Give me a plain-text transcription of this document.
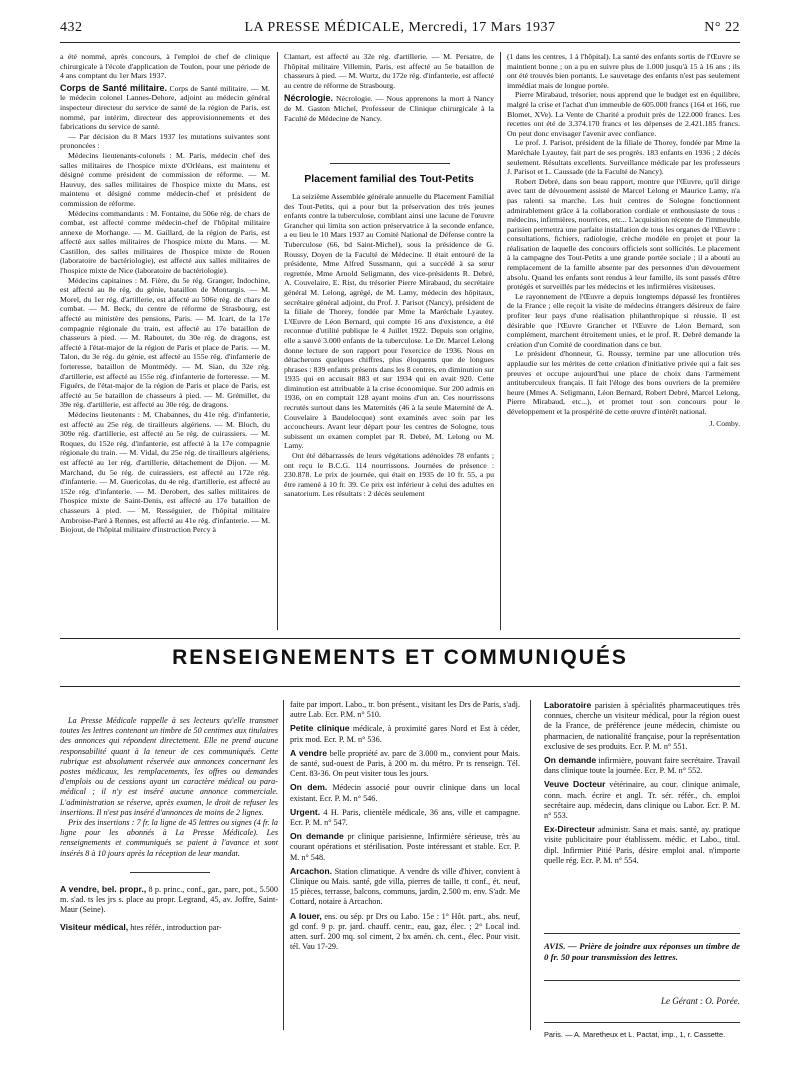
432	LA PRESSE MÉDICALE, Mercredi, 17 Mars 1937	N° 22

a été nommé, après concours, à l'emploi de chef de clinique chirurgicale à l'école d'application de Toulon, pour une période de 4 ans comptant du 1er Mars 1937.

Corps de Santé militaire. Corps de Santé militaire. — M. le médecin colonel Lannes-Dehore, adjoint au médecin général inspecteur directeur du service de santé de la région de Paris, est nommé, par intérim, directeur des approvisionnements et des fabrications du service de santé.

— Par décision du 8 Mars 1937 les mutations suivantes sont prononcées :

Médecins lieutenants-colonels : M. Paris, médecin chef des salles militaires de l'hospice mixte d'Orléans, est maintenu et désigné comme président de commission de réforme. — M. Hauvuy, des salles militaires de l'hospice mixte du Mans, est maintenu et désigné comme médecin-chef et président de commission de réforme.

Médecins commandants : M. Fontaine, du 506e rég. de chars de combat, est affecté comme médecin-chef de l'hôpital militaire annexe de Morhange. — M. Gaillard, de la région de Paris, est affecté aux salles militaires de l'hospice mixte du Mans. — M. Castillon, des salles militaires de l'hospice mixte de Rouen (laboratoire de bactériologie), est affecté aux salles militaires de l'hospice mixte de Nice (laboratoire de bactériologie).

Médecins capitaines : M. Fière, du 5e rég. Granger, Indochine, est affecté au 8e rég. du génie, bataillon de Montargis. — M. Morel, du 1er rég. d'artillerie, est affecté au 506e rég. de chars de combat. — M. Beck, du centre de réforme de Strasbourg, est affecté au ministère des pensions, Paris. — M. Icart, de la 17e compagnie régionale du train, est affecté au 17e bataillon de chasseurs à pied. — M. Raboutet, du 30e rég. de dragons, est affecté à l'état-major de la région de Paris et place de Paris. — M. Talon, du 3e rég. du génie, est affecté au 155e rég. d'infanterie de forteresse, bataillon de Montmédy. — M. Sian, du 32e rég. d'artillerie, est affecté au 155e rég. d'infanterie de forteresse. — M. Figuérs, de l'état-major de la région de Paris et place de Paris, est affecté au 5e bataillon de chasseurs à pied. — M. Grémillet, du 39e rég. d'artillerie, est affecté au 30e rég. de dragons.

Médecins lieutenants : M. Chabannes, du 41e rég. d'infanterie, est affecté au 25e rég. de tirailleurs algériens. — M. Bloch, du 309e rég. d'artillerie, est affecté au 5e rég. de cuirassiers. — M. Roques, du 152e rég. d'infanterie, est affecté à la 17e compagnie régionale du train. — M. Vidal, du 25e rég. de tirailleurs algériens, est affecté au 1er rég. d'artillerie, détachement de Dijon. — M. Marchand, du 5e rég. de cuirassiers, est affecté au 172e rég. d'infanterie. — M. Guericolas, du 4e rég. d'artillerie, est affecté au 152e rég. d'infanterie. — M. Derobert, des salles militaires de l'hospice mixte de Saint-Denis, est affecté au 17e bataillon de chasseurs à pied. — M. Rességuier, de l'hôpital militaire Ambroise-Paré à Rennes, est affecté au 41e rég. d'infanterie. — M. Biojout, de l'hôpital militaire d'instruction Percy à

Clamart, est affecté au 32e rég. d'artillerie. — M. Persatre, de l'hôpital militaire Villemin, Paris, est affecté au 5e bataillon de chasseurs à pied. — M. Wurtz, du 172e rég. d'infanterie, est affecté au centre de réforme de Strasbourg.

Nécrologie. Nécrologie. — Nous apprenons la mort à Nancy de M. Gaston Michel, Professeur de Clinique chirurgicale à la Faculté de Médecine de Nancy.

Placement familial des Tout-Petits

La seizième Assemblée générale annuelle du Placement Familial des Tout-Petits, qui a pour but la préservation des très jeunes enfants contre la tuberculose, comblant ainsi une lacune de l'œuvre Grancher qui limita son action préservatrice à la seconde enfance, a eu lieu le 10 Mars 1937 au Comité National de Défense contre la Tuberculose (66, bd Saint-Michel), sous la présidence de G. Roussy, Doyen de la Faculté de Médecine. Il était entouré de la présidente, Mme Alfred Sussmann, qui a succédé à sa sœur regrettée, Mme Arnold Seligmann, des vice-présidents R. Debré, A. Couvelaire, E. Rist, du trésorier Pierre Mirabaud, du secrétaire général M. Lelong, agrégé, de M. Lamy, médecin des hôpitaux, secrétaire général adjoint, du Prof. J. Parisot (Nancy), président de la filiale de Thorey, fondée par Mme la Maréchale Lyautey. L'Œuvre de Léon Bernard, qui compte 16 ans d'existence, a été reconnue d'utilité publique le 4 Juillet 1922. Depuis son origine, elle a sauvé 3.000 enfants de la tuberculose. Le Dr. Marcel Lelong donne lecture de son rapport pour l'exercice de 1936. Nous en détacherons quelques chiffres, plus éloquents que de longues phrases : 839 enfants présents dans les 8 centres, en diminution sur 1935 qui en accusait 883 et sur 1934 qui en avait 920. Cette diminution est attribuable à la crise économique. Sur 200 admis en 1936, on en comptait 128 ayant moins d'un an. Ces nourrissons recrutés surtout dans les Maternités (46 à la seule Maternité de A. Couvelaire à Baudelocque) sont examinés avec soin par les accoucheurs. Avant leur départ pour les centres de Sologne, tous subissent un examen complet par R. Debré, M. Lelong ou M. Lamy.

Ont été débarrassés de leurs végétations adénoïdes 78 enfants ; ont reçu le B.C.G. 114 nourrissons. Journées de présence : 230.878. Le prix de journée, qui était en 1935 de 10 fr. 55, a pu être ramené à 10 fr. 39. Ce prix est inférieur à celui des adultes en sanatorium. Les résultats : 2 décès seulement

(1 dans les centres, 1 à l'hôpital). La santé des enfants sortis de l'Œuvre se maintient bonne ; on a pu en suivre plus de 1.000 jusqu'à 15 à 16 ans ; ils ont été trouvés bien portants. Le sauvetage des enfants n'est pas seulement immédiat mais de longue portée.

Pierre Mirabaud, trésorier, nous apprend que le budget est en équilibre, malgré la crise et l'achat d'un immeuble de 605.000 francs (164 et 166, rue Blomet, XVe). La Vente de Charité a produit près de 122.000 francs. Les recettes ont été de 3.374.170 francs et les dépenses de 2.421.185 francs. On peut donc envisager l'avenir avec confiance.

Le prof. J. Parisot, président de la filiale de Thorey, fondée par Mme la Maréchale Lyautey, fait part de ses progrès. 183 enfants en 1936 ; 2 décès seulement. Résultats excellents. Surveillance médicale par les professeurs J. Parisot et L. Caussade (de la Faculté de Nancy).

Robert Debré, dans son beau rapport, montre que l'Œuvre, qu'il dirige avec tant de dévouement assisté de Marcel Lelong et Maurice Lamy, n'a pas ralenti sa marche. Les huit centres de Sologne fonctionnent admirablement grâce à la collaboration cordiale et enthousiaste de tous : médecins, infirmières, nourrices, etc... L'acquisition récente de l'immeuble parisien permettra une parfaite installation de tous les organes de l'Œuvre : consultations, fichiers, radiologie, crèche modèle en projet et pour la réalisation de laquelle des concours officiels sont sollicités. Le placement à la campagne des Tout-Petits a une grande portée sociale ; il a abouti au remplacement de la famille absente par des personnes d'un dévouement absolu. Quand les enfants sont rendus à leur famille, ils sont passés d'être protégés et surveillés par les médecins et les infirmières visiteuses.

Le rayonnement de l'Œuvre a depuis longtemps dépassé les frontières de la France ; elle reçoit la visite de médecins étrangers désireux de faire profiter leur pays d'une réalisation philanthropique si réussie. Il est désirable que l'Œuvre Grancher et l'Œuvre de Léon Bernard, son complément, marchent étroitement unies, et le prof. R. Debré demande la création d'un Comité de coordination dans ce but.

Le président d'honneur, G. Roussy, termine par une allocution très applaudie sur les mérites de cette création d'initiative privée qui a fait ses preuves et occupe aujourd'hui une place de choix dans l'armement antituberculeux français. Il fait l'éloge des bons ouvriers de la première heure (Mmes A. Seligmann, Léon Bernard, Robert Debré, Marcel Lelong, Pierre Mirabaud, etc...), et promet tout son concours pour le développement et la prospérité de cette œuvre d'intérêt national.

J. Comby.
RENSEIGNEMENTS ET COMMUNIQUÉS

La Presse Médicale rappelle à ses lecteurs qu'elle transmet toutes les lettres contenant un timbre de 50 centimes aux titulaires des annonces qui répondent directement. Elle ne prend aucune responsabilité quant à la teneur de ces communiqués. Cette rubrique est absolument réservée aux annonces concernant les postes médicaux, les remplacements, les offres ou demandes d'emplois ou de cessions ayant un caractère médical ou para-médical ; il n'y est inséré aucune annonce commerciale. L'administration se réserve, après examen, le droit de refuser les insertions. Il n'est pas inséré d'annonces de moins de 2 lignes.

Prix des insertions : 7 fr. la ligne de 45 lettres ou signes (4 fr. la ligne pour les abonnés à La Presse Médicale). Les renseignements et communiqués se paient à l'avance et sont insérés 8 à 10 jours après la réception de leur mandat.

A vendre, bel. propr., 8 p. princ., conf., gar., parc, pot., 5.500 m. s'ad. ts les jrs s. place au propr. Legrand, 45, av. Joffre, Saint-Maur (Seine).

Visiteur médical, htes référ., introduction par-

faite par import. Labo., tr. bon présent., visitant les Drs de Paris, s'adj. autre Lab. Ecr. P.M. n° 510.

Petite clinique médicale, à proximité gares Nord et Est à céder, prix mod. Ecr. P. M. n° 536.

A vendre belle propriété av. parc de 3.000 m., convient pour Mais. de santé, sud-ouest de Paris, à 200 m. du métro. Pr ts renseign. Tél. Cent. 83-36. On peut visiter tous les jours.

On dem. Médecin associé pour ouvrir clinique dans un local existant. Ecr. P. M. n° 546.

Urgent. 4 H. Paris, clientèle médicale, 36 ans, ville et campagne. Ecr. P. M. n° 547.

On demande pr clinique parisienne, Infirmière sérieuse, très au courant opérations et stérilisation. Poste intéressant et stable. Ecr. P. M. n° 548.

Arcachon. Station climatique. A vendre ds ville d'hiver, convient à Clinique ou Mais. santé, gde villa, pierres de taille, tt conf., ét. neuf, 15 pièces, terrasse, balcons, communs, jardin, 2.500 m. env. S'adr. Me Cottard, notaire à Arcachon.

A louer, ens. ou sép. pr Drs ou Labo. 15e : 1° Hôt. part., abs. neuf, gd conf. 9 p. pr. jard. chauff. centr., eau, gaz, élec. ; 2° Local ind. atten. surf. 200 mq. sol ciment, 2 bx amén. ch. cent., élec. Pour visit. tél. Vau 17-29.

Laboratoire parisien à spécialités pharmaceutiques très connues, cherche un visiteur médical, pour la région ouest de la France, de préférence jeune médecin, chimiste ou pharmacien, de nationalité française, pour la représentation exclusive de ses produits. Ecr. P. M. n° 551.

On demande infirmière, pouvant faire secrétaire. Travail dans clinique toute la journée. Ecr. P. M. n° 552.

Veuve Docteur vétérinaire, au cour. clinique animale, conn. mach. écrire et angl. Tr. sér. référ., ch. emploi secrétaire aup. médecin, dans clinique ou Labor. Ecr. P. M. n° 553.

Ex-Directeur administr. Sana et mais. santé, ay. pratique visite publicitaire pour établissem. médic. et Labo., titul. dipl. Infirmier Pitié Paris, désire emploi anal. n'importe quelle rég. Ecr. P. M. n° 554.

AVIS. — Prière de joindre aux réponses un timbre de 0 fr. 50 pour transmission des lettres.
Le Gérant : O. Porée.
Paris. — A. Maretheux et L. Pactat, imp., 1, r. Cassette.
